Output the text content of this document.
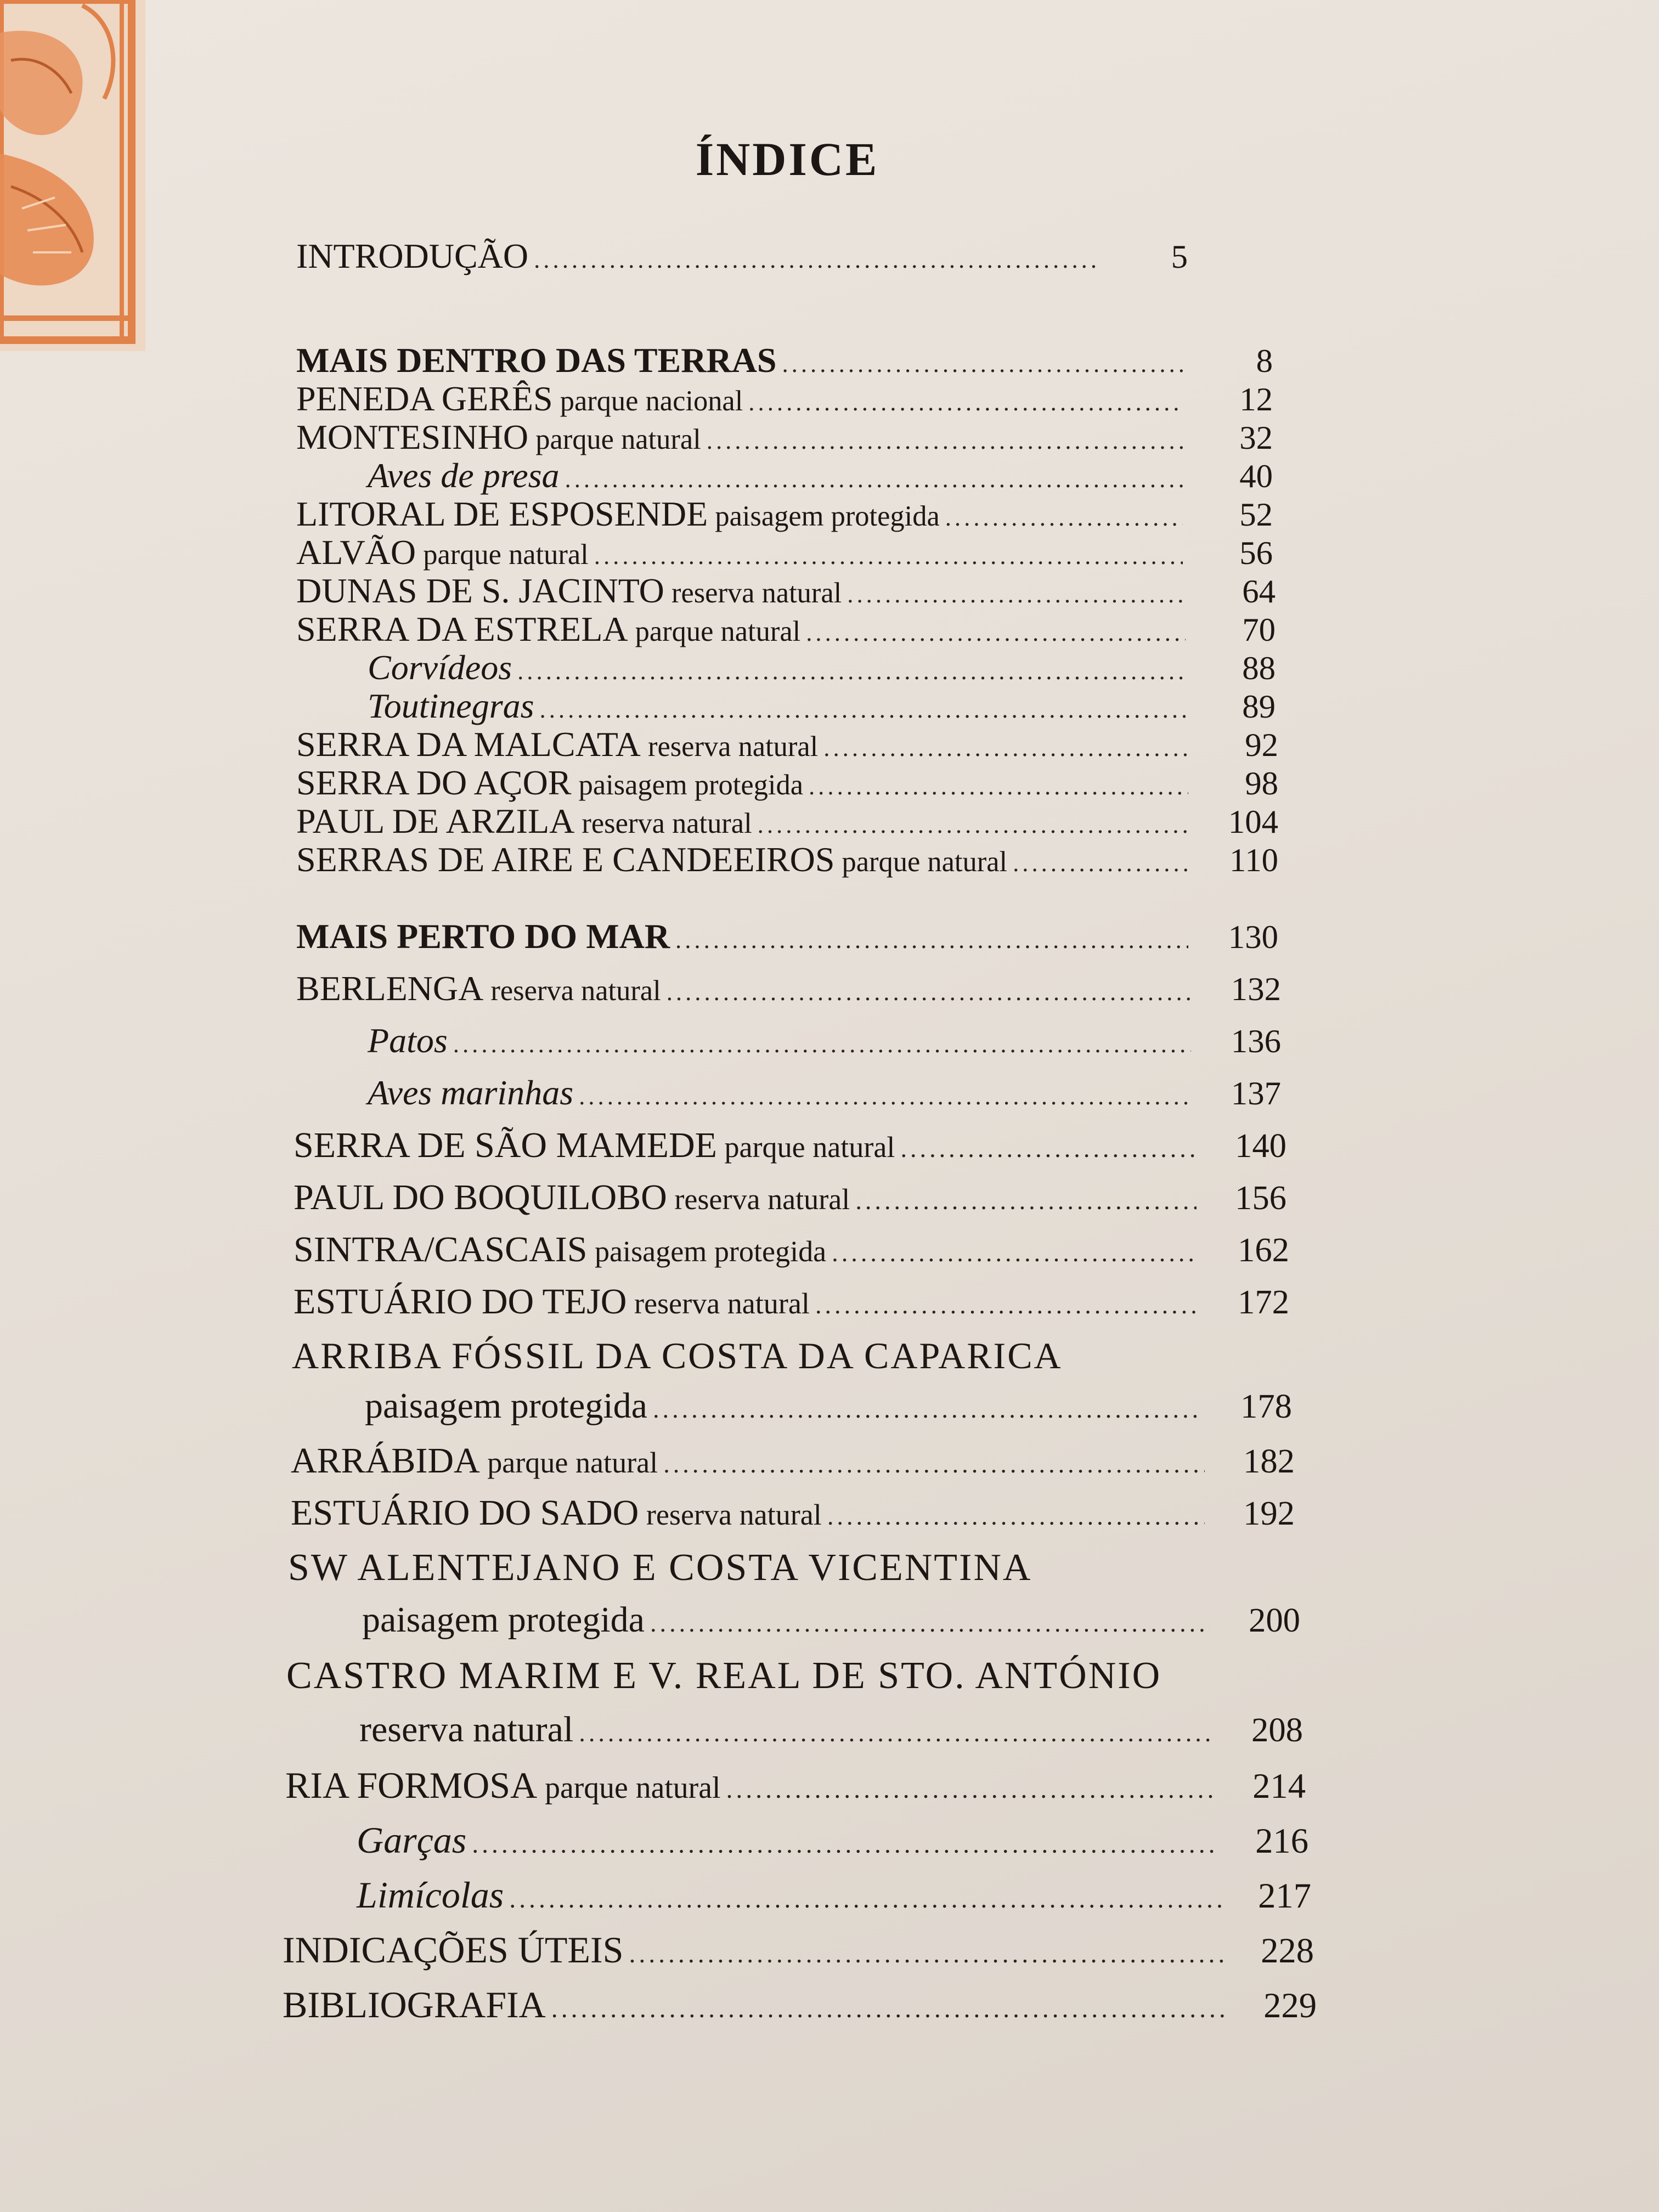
ÍNDICE
INTRODUÇÃO .....	5
MAIS DENTRO DAS TERRAS .....	8
PENEDA GERÊS parque nacional .....	12
MONTESINHO parque natural .....	32
Aves de presa .....	40
LITORAL DE ESPOSENDE paisagem protegida .....	52
ALVÃO parque natural .....	56
DUNAS DE S. JACINTO reserva natural .....	64
SERRA DA ESTRELA parque natural .....	70
Corvídeos .....	88
Toutinegras .....	89
SERRA DA MALCATA reserva natural .....	92
SERRA DO AÇOR paisagem protegida .....	98
PAUL DE ARZILA reserva natural .....	104
SERRAS DE AIRE E CANDEEIROS parque natural .....	110
MAIS PERTO DO MAR .....	130
BERLENGA reserva natural .....	132
Patos .....	136
Aves marinhas .....	137
SERRA DE SÃO MAMEDE parque natural .....	140
PAUL DO BOQUILOBO reserva natural .....	156
SINTRA/CASCAIS paisagem protegida .....	162
ESTUÁRIO DO TEJO reserva natural .....	172
ARRIBA FÓSSIL DA COSTA DA CAPARICA
paisagem protegida .....	178
ARRÁBIDA parque natural .....	182
ESTUÁRIO DO SADO reserva natural .....	192
SW ALENTEJANO E COSTA VICENTINA
paisagem protegida .....	200
CASTRO MARIM E V. REAL DE STO. ANTÓNIO
reserva natural .....	208
RIA FORMOSA parque natural .....	214
Garças .....	216
Limícolas .....	217
INDICAÇÕES ÚTEIS .....	228
BIBLIOGRAFIA .....	229
